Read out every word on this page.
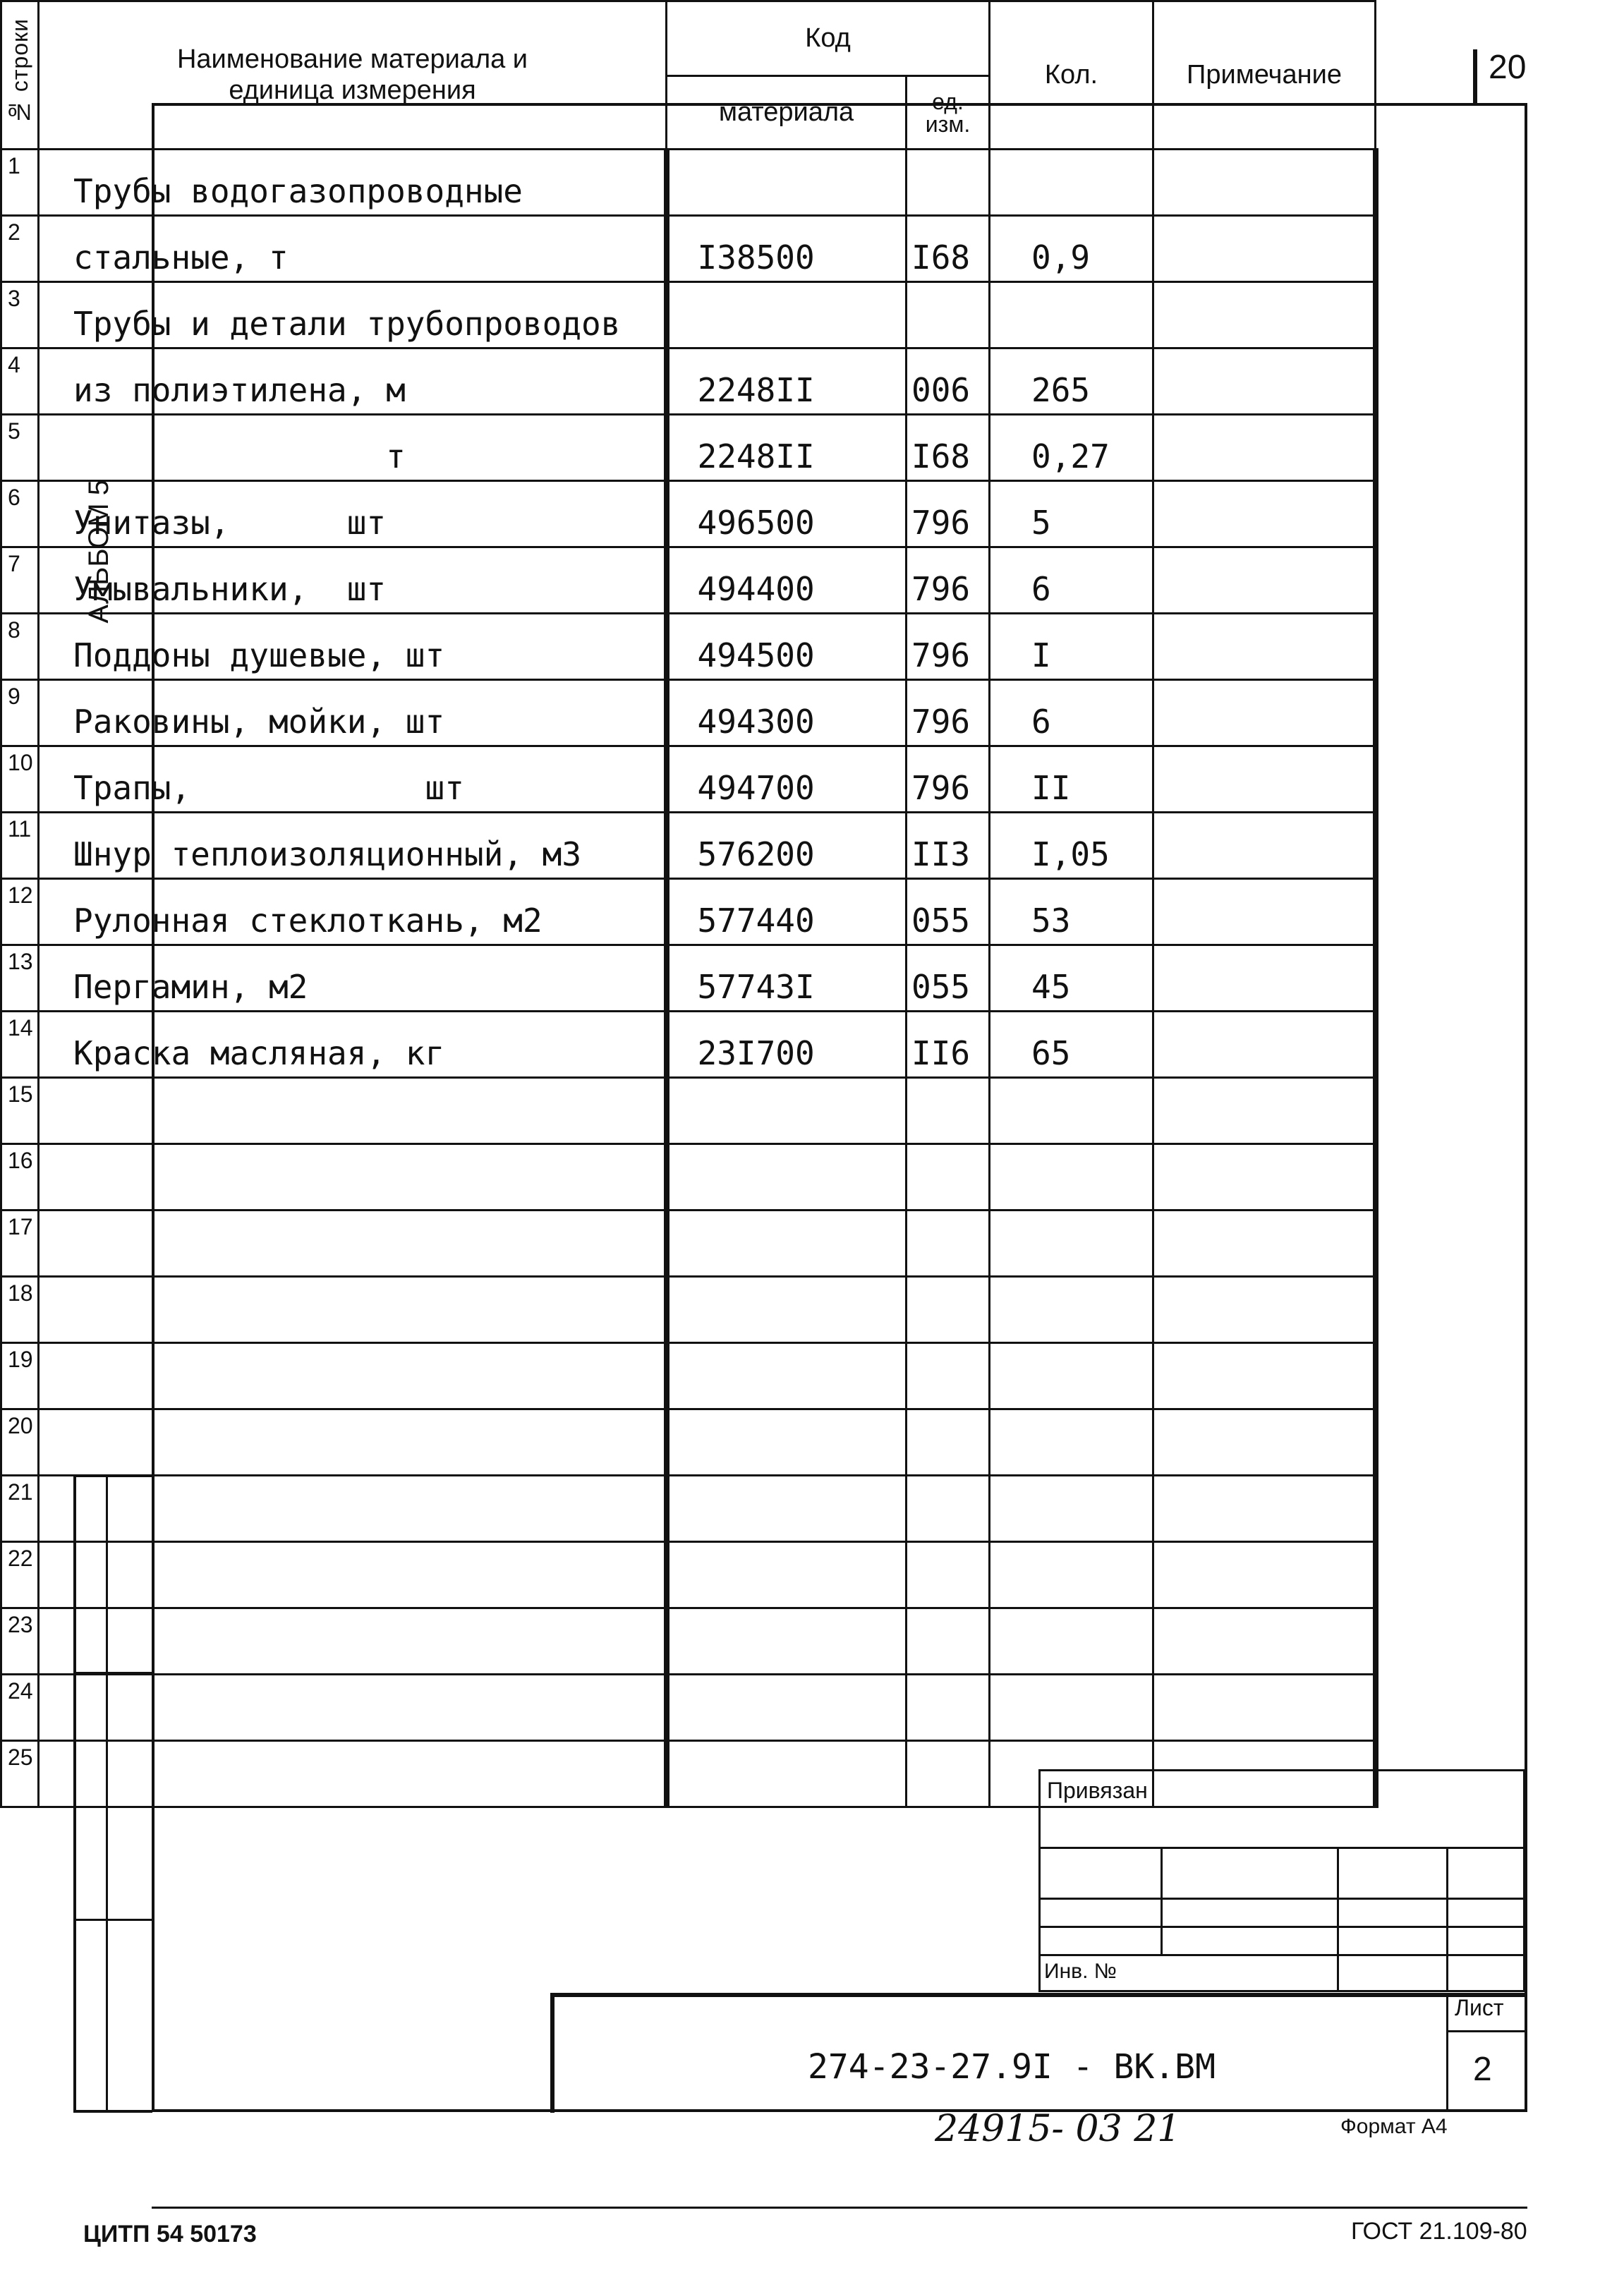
20
АЛЬБОМ 5
№ строки	Наименование материала и
единица измерения	Код		Кол.	Примечание
		материала	ед.
изм.		

1	Трубы водогазопроводные				
2	стальные, т	I38500	I68	0,9	
3	Трубы и детали трубопроводов				
4	из полиэтилена, м	2248II	006	265	
5	т	2248II	I68	0,27	
6	Унитазы,      шт	496500	796	5	
7	Умывальники,  шт	494400	796	6	
8	Поддоны душевые, шт	494500	796	I	
9	Раковины, мойки, шт	494300	796	6	
10	Трапы,            шт	494700	796	II	
11	Шнур теплоизоляционный, м3	576200	II3	I,05	
12	Рулонная стеклоткань, м2	577440	055	53	
13	Пергамин, м2	57743I	055	45	
14	Краска масляная, кг	23I700	II6	65	
15					
16					
17					
18					
19					
20					
21					
22					
23					
24					
25					
Привязан
Инв. №
274-23-27.9I - ВК.ВМ
Лист
2
24915- 03 21	Формат А4
ЦИТП 54 50173	ГОСТ 21.109-80
